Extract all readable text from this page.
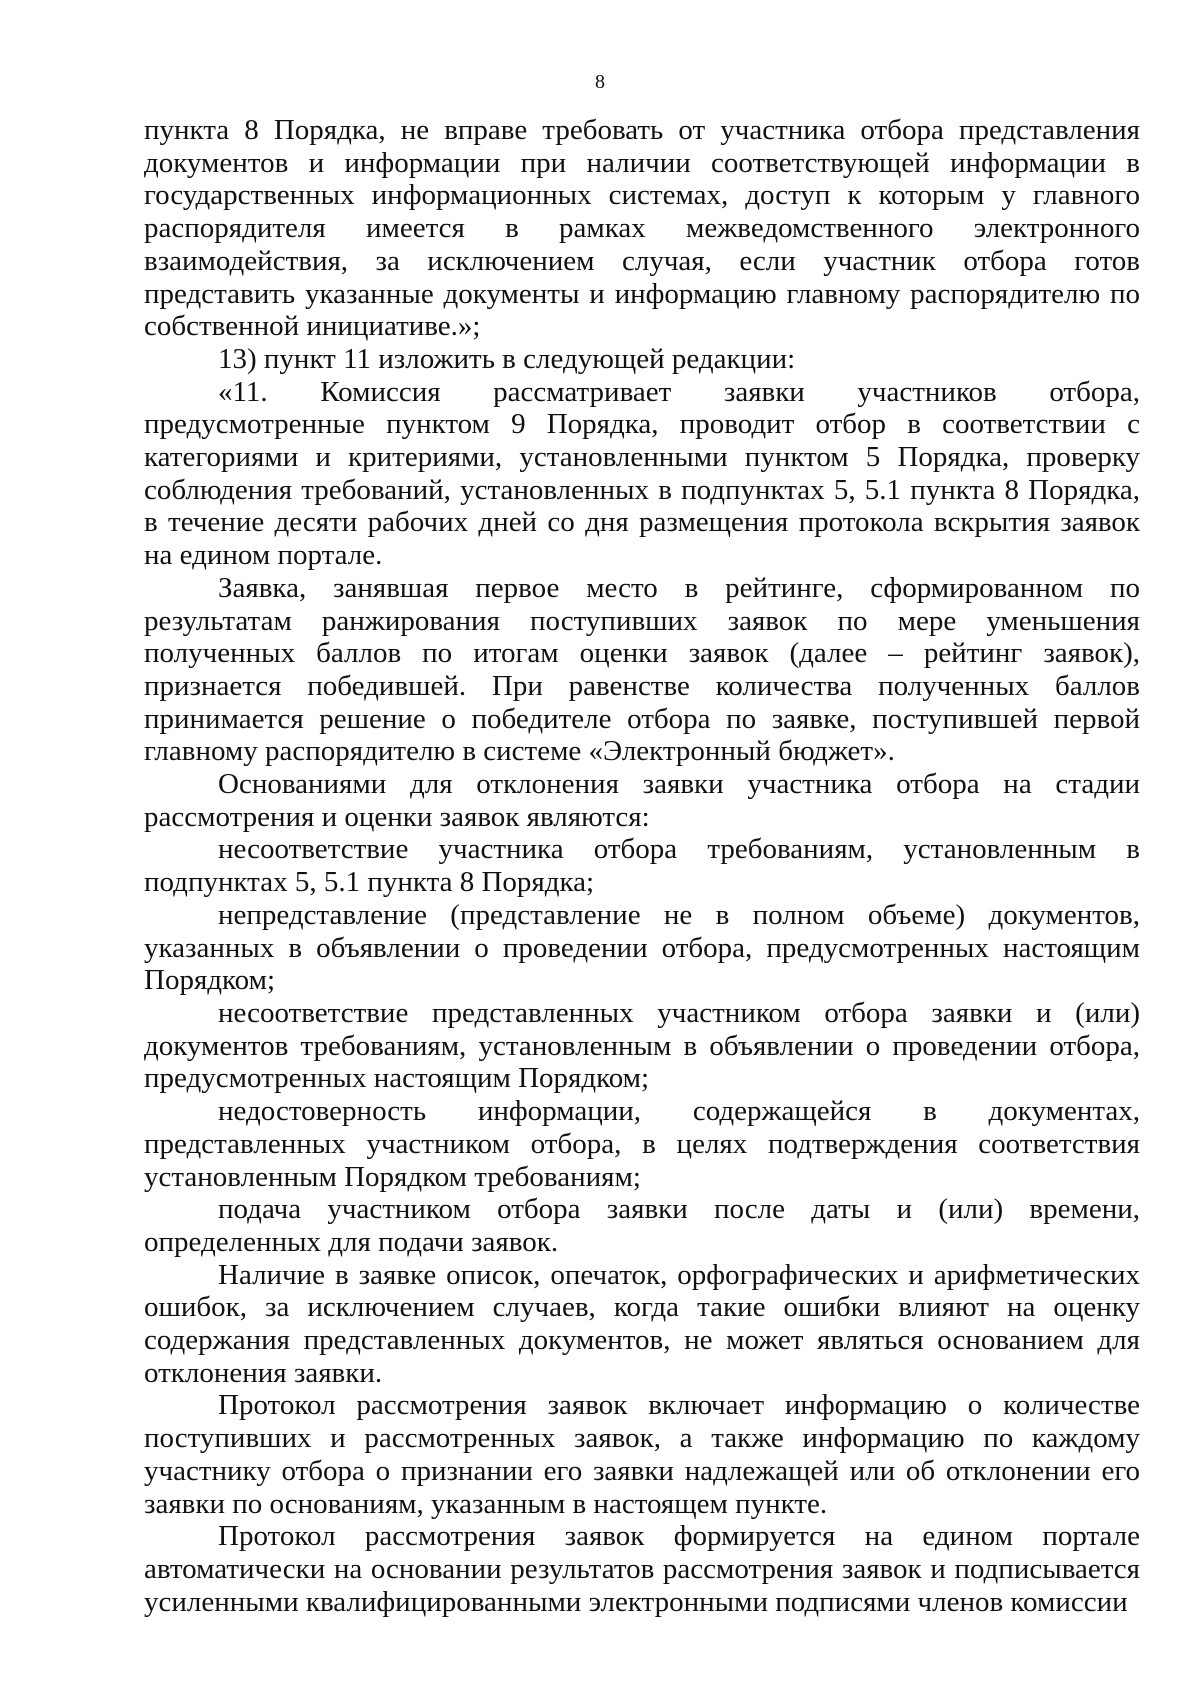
8

пункта 8 Порядка, не вправе требовать от участника отбора представления документов и информации при наличии соответствующей информации в государственных информационных системах, доступ к которым у главного распорядителя имеется в рамках межведомственного электронного взаимодействия, за исключением случая, если участник отбора готов представить указанные документы и информацию главному распорядителю по собственной инициативе.»;

13) пункт 11 изложить в следующей редакции:

«11. Комиссия рассматривает заявки участников отбора, предусмотренные пунктом 9 Порядка, проводит отбор в соответствии с категориями и критериями, установленными пунктом 5 Порядка, проверку соблюдения требований, установленных в подпунктах 5, 5.1 пункта 8 Порядка, в течение десяти рабочих дней со дня размещения протокола вскрытия заявок на едином портале.

Заявка, занявшая первое место в рейтинге, сформированном по результатам ранжирования поступивших заявок по мере уменьшения полученных баллов по итогам оценки заявок (далее – рейтинг заявок), признается победившей. При равенстве количества полученных баллов принимается решение о победителе отбора по заявке, поступившей первой главному распорядителю в системе «Электронный бюджет».

Основаниями для отклонения заявки участника отбора на стадии рассмотрения и оценки заявок являются:

несоответствие участника отбора требованиям, установленным в подпунктах 5, 5.1 пункта 8 Порядка;

непредставление (представление не в полном объеме) документов, указанных в объявлении о проведении отбора, предусмотренных настоящим Порядком;

несоответствие представленных участником отбора заявки и (или) документов требованиям, установленным в объявлении о проведении отбора, предусмотренных настоящим Порядком;

недостоверность информации, содержащейся в документах, представленных участником отбора, в целях подтверждения соответствия установленным Порядком требованиям;

подача участником отбора заявки после даты и (или) времени, определенных для подачи заявок.

Наличие в заявке описок, опечаток, орфографических и арифметических ошибок, за исключением случаев, когда такие ошибки влияют на оценку содержания представленных документов, не может являться основанием для отклонения заявки.

Протокол рассмотрения заявок включает информацию о количестве поступивших и рассмотренных заявок, а также информацию по каждому участнику отбора о признании его заявки надлежащей или об отклонении его заявки по основаниям, указанным в настоящем пункте.

Протокол рассмотрения заявок формируется на едином портале автоматически на основании результатов рассмотрения заявок и подписывается усиленными квалифицированными электронными подписями членов комиссии
